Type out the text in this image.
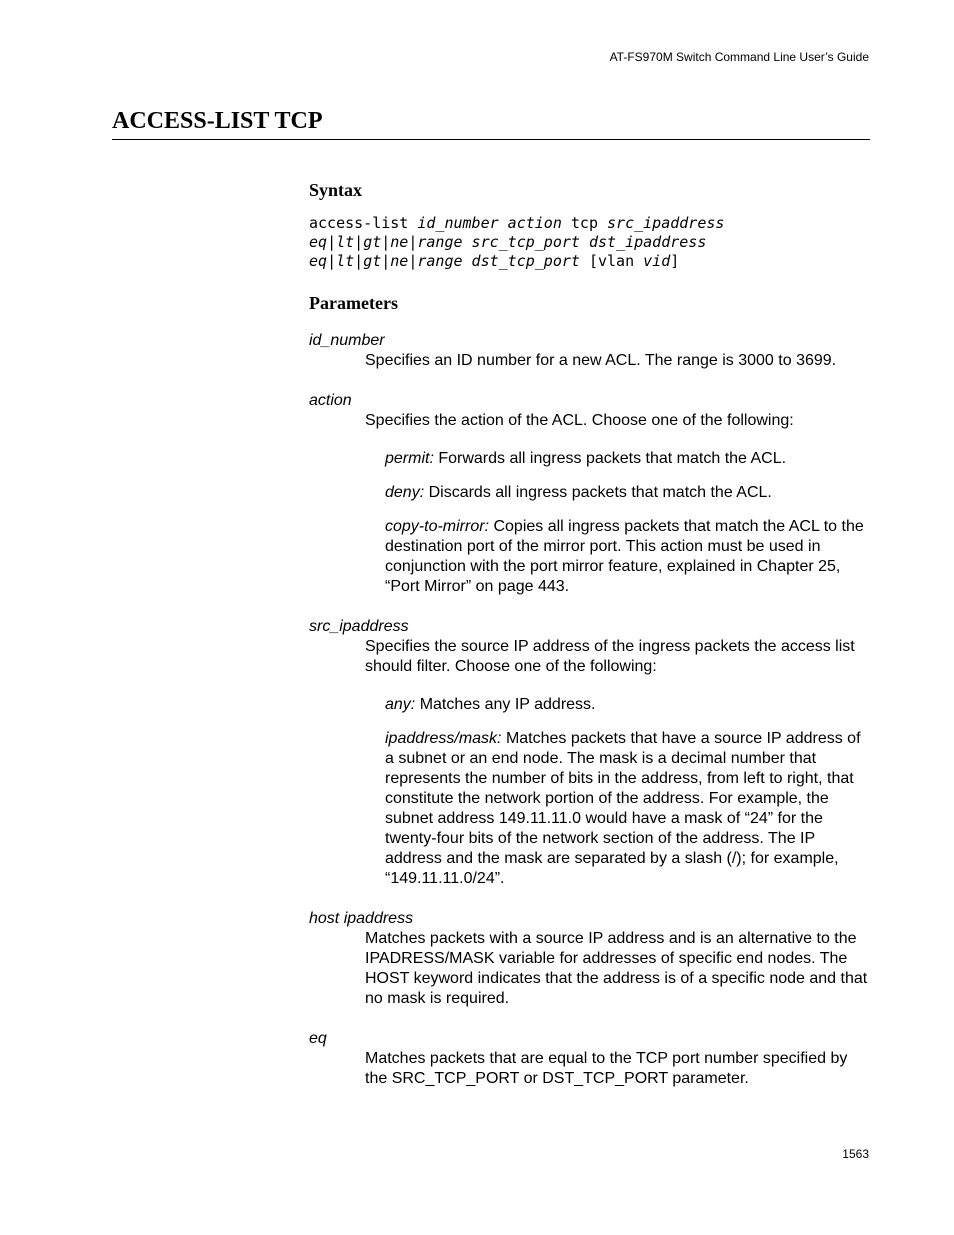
AT-FS970M Switch Command Line User’s Guide
ACCESS-LIST TCP
Syntax
access-list id_number action tcp src_ipaddress
eq|lt|gt|ne|range src_tcp_port dst_ipaddress
eq|lt|gt|ne|range dst_tcp_port [vlan vid]
Parameters
id_number
Specifies an ID number for a new ACL. The range is 3000 to 3699.
action
Specifies the action of the ACL. Choose one of the following:
permit: Forwards all ingress packets that match the ACL.
deny: Discards all ingress packets that match the ACL.
copy-to-mirror: Copies all ingress packets that match the ACL to the destination port of the mirror port. This action must be used in conjunction with the port mirror feature, explained in Chapter 25, “Port Mirror” on page 443.
src_ipaddress
Specifies the source IP address of the ingress packets the access list should filter. Choose one of the following:
any: Matches any IP address.
ipaddress/mask: Matches packets that have a source IP address of a subnet or an end node. The mask is a decimal number that represents the number of bits in the address, from left to right, that constitute the network portion of the address. For example, the subnet address 149.11.11.0 would have a mask of “24” for the twenty-four bits of the network section of the address. The IP address and the mask are separated by a slash (/); for example, “149.11.11.0/24”.
host ipaddress
Matches packets with a source IP address and is an alternative to the IPADRESS/MASK variable for addresses of specific end nodes. The HOST keyword indicates that the address is of a specific node and that no mask is required.
eq
Matches packets that are equal to the TCP port number specified by the SRC_TCP_PORT or DST_TCP_PORT parameter.
1563
